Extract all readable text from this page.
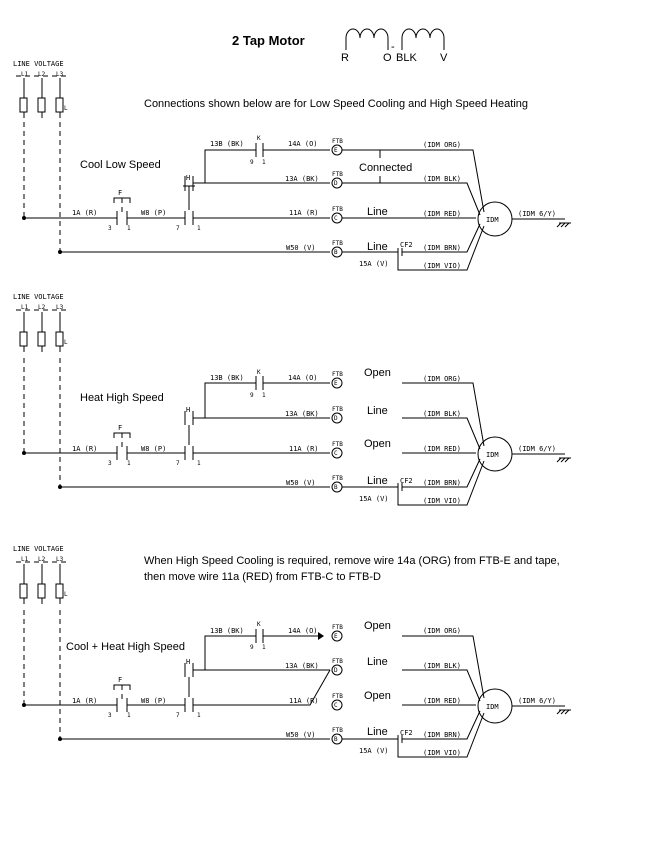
2 Tap Motor
R
-
O BLK V
LINE VOLTAGE
L1 L2 L3
L	Connections shown below are for Low Speed Cooling and High Speed Heating
Cool Low Speed
1A (R)
F
3	1
W8 (P)
H
7	1
11A (R)
13A (BK)
13B (BK)
K
9 1
14A (O)
W50 (V)
FTB
E
FTB
D
FTB
C
FTB
B
CF2
15A (V)
Connected
Line
Line
(IDM ORG)
(IDM BLK)
(IDM RED)
(IDM BRN)
(IDM VIO)
IDM
(IDM 6/Y)
LINE VOLTAGE
L1 L2 L3
L
Heat High Speed
1A (R)
F
3	1
W8 (P)
H
7	1
11A (R)
13A (BK)
13B (BK)
K
9 1
14A (O)
W50 (V)
FTB
E
FTB
D
FTB
C
FTB
B
CF2
15A (V)
Open
Line
Open
Line
(IDM ORG)
(IDM BLK)
(IDM RED)
(IDM BRN)
(IDM VIO)
IDM
(IDM 6/Y)
LINE VOLTAGE
L1 L2 L3
L
When High Speed Cooling is required, remove wire 14a (ORG) from FTB-E and tape,
then move wire 11a (RED) from FTB-C to FTB-D
Cool + Heat High Speed
1A (R)
F
3	1
W8 (P)
H
7	1
11A (R)
13A (BK)
13B (BK)
K
9 1
14A (O)
W50 (V)
FTB
E
FTB
D
FTB
C
FTB
B
CF2
15A (V)
Open
Line
Open
Line
(IDM ORG)
(IDM BLK)
(IDM RED)
(IDM BRN)
(IDM VIO)
IDM
(IDM 6/Y)
